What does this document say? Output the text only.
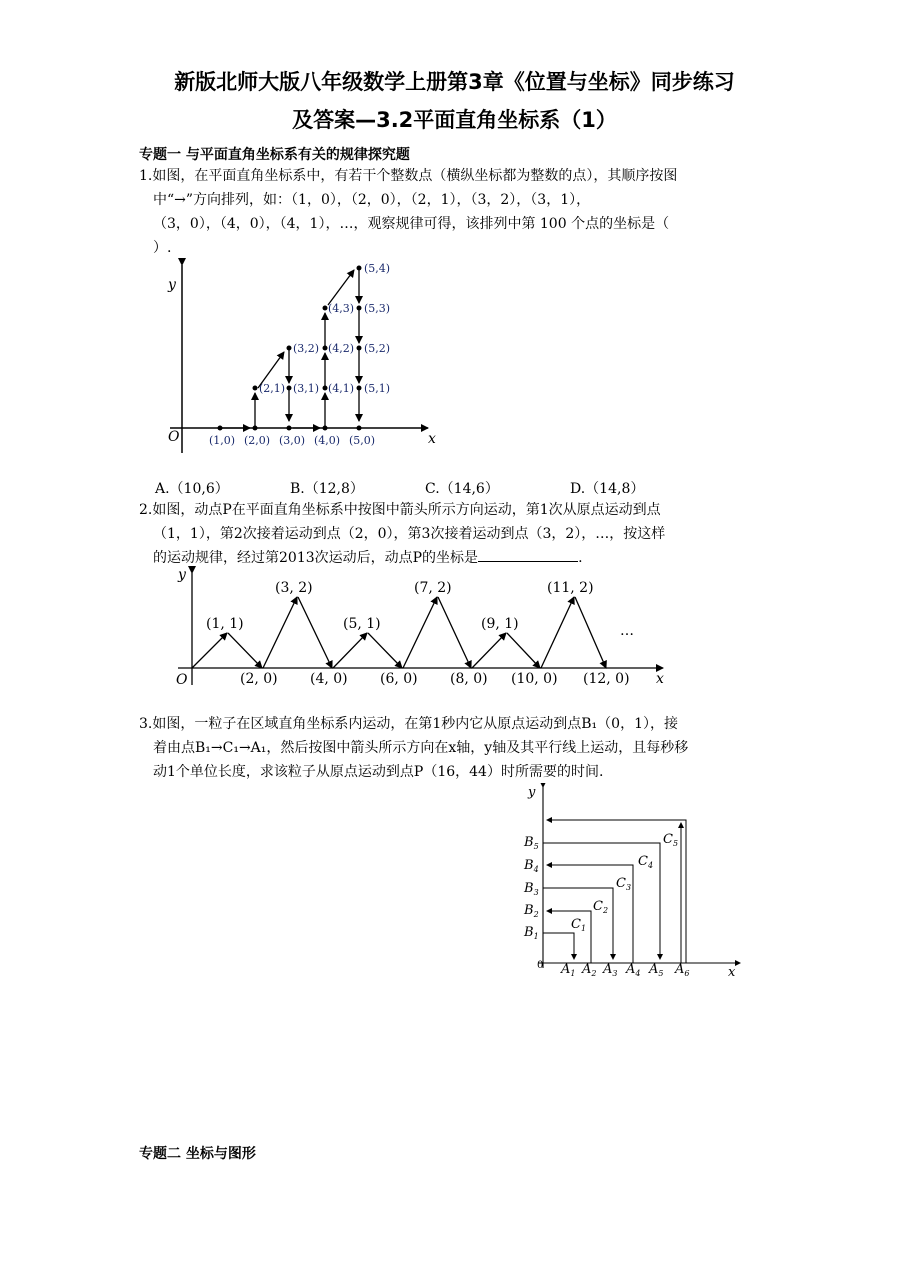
新版北师大版八年级数学上册第3章《位置与坐标》同步练习
及答案—3.2平面直角坐标系（1）
专题一 与平面直角坐标系有关的规律探究题
1.如图，在平面直角坐标系中，有若干个整数点（横纵坐标都为整数的点），其顺序按图
中“→”方向排列，如：（1，0），（2，0），（2，1），（3，2），（3，1），
（3，0），（4，0），（4，1），…，观察规律可得，该排列中第 100 个点的坐标是（
）.
y
x
O	(1,0) (2,0) (3,0) (4,0) (5,0)
(2,1)
(3,2)
(3,1)
(4,3)
(4,2)
(4,1)
(5,4)
(5,3)
(5,2)
(5,1)
A.（10,6）	B.（12,8）	C.（14,6）	D.（14,8）
2.如图，动点P在平面直角坐标系中按图中箭头所示方向运动，第1次从原点运动到点
（1，1），第2次接着运动到点（2，0），第3次接着运动到点（3，2），…，按这样
的运动规律，经过第2013次运动后，动点P的坐标是	.
y
x
O
(3, 2)	(7, 2)	(11, 2)
(1, 1)	(5, 1)	(9, 1)	…
(2, 0) (4, 0) (6, 0) (8, 0) (10, 0) (12, 0)
3.如图，一粒子在区域直角坐标系内运动，在第1秒内它从原点运动到点B₁（0，1），接
着由点B₁→C₁→A₁，然后按图中箭头所示方向在x轴，y轴及其平行线上运动，且每秒移
动1个单位长度，求该粒子从原点运动到点P（16，44）时所需要的时间.
y
x
0
$B_1$
$B_2$
$B_3$
$B_4$
$B_5$
$C_1$
$C_2$
$C_3$
$C_4$
$C_5$
$A_1$ $A_2$ $A_3$ $A_4$ $A_5$ $A_6$
专题二 坐标与图形
